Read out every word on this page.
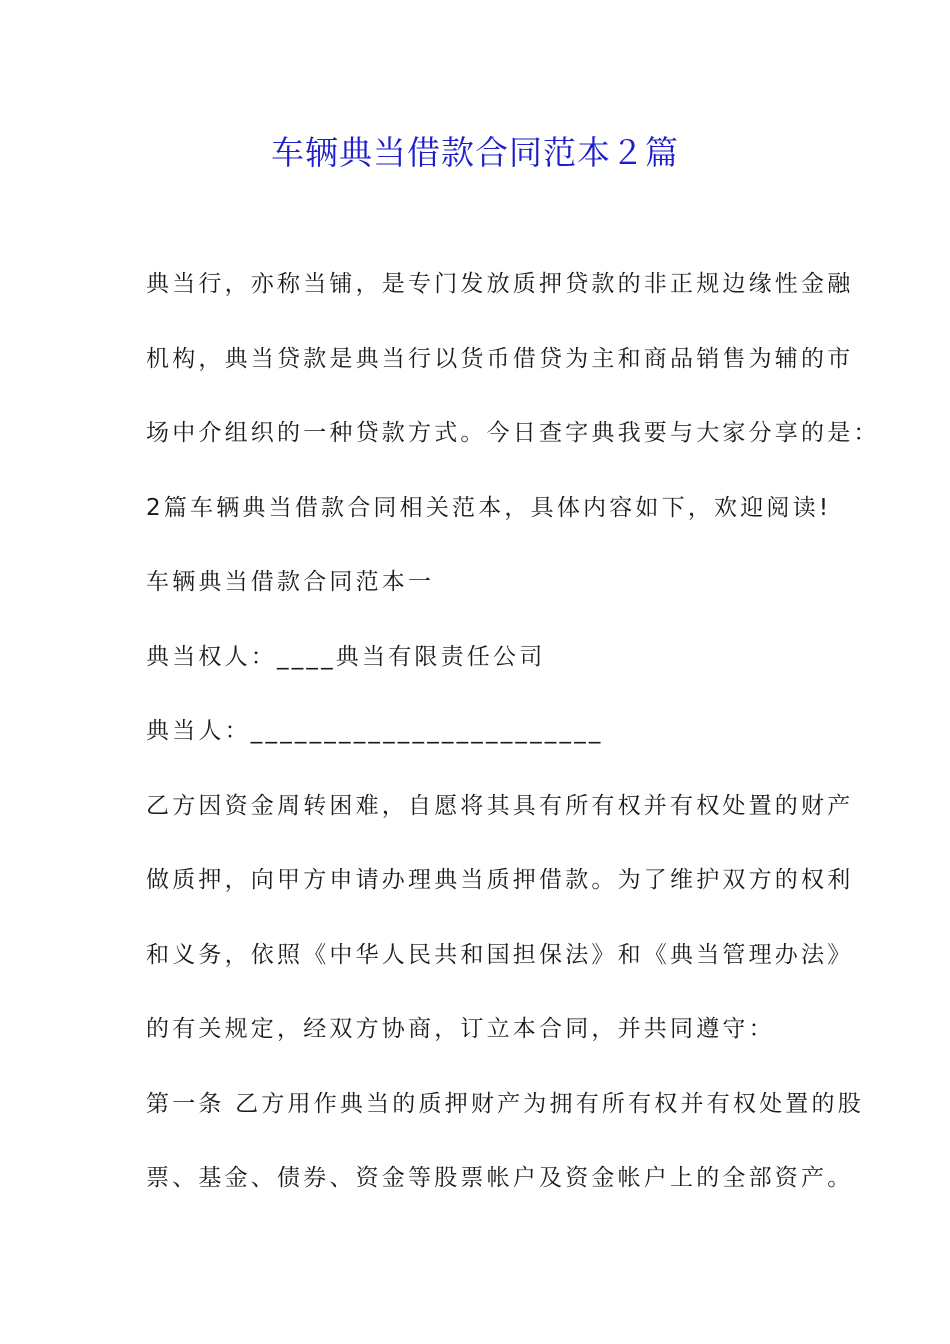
车辆典当借款合同范本２篇
典当行，亦称当铺，是专门发放质押贷款的非正规边缘性金融
机构，典当贷款是典当行以货币借贷为主和商品销售为辅的市
场中介组织的一种贷款方式。今日查字典我要与大家分享的是：
2篇车辆典当借款合同相关范本，具体内容如下，欢迎阅读!
车辆典当借款合同范本一
典当权人：____典当有限责任公司
典当人：________________________
乙方因资金周转困难，自愿将其具有所有权并有权处置的财产
做质押，向甲方申请办理典当质押借款。为了维护双方的权利
和义务，依照《中华人民共和国担保法》和《典当管理办法》
的有关规定，经双方协商，订立本合同，并共同遵守：
第一条 乙方用作典当的质押财产为拥有所有权并有权处置的股
票、基金、债券、资金等股票帐户及资金帐户上的全部资产。
